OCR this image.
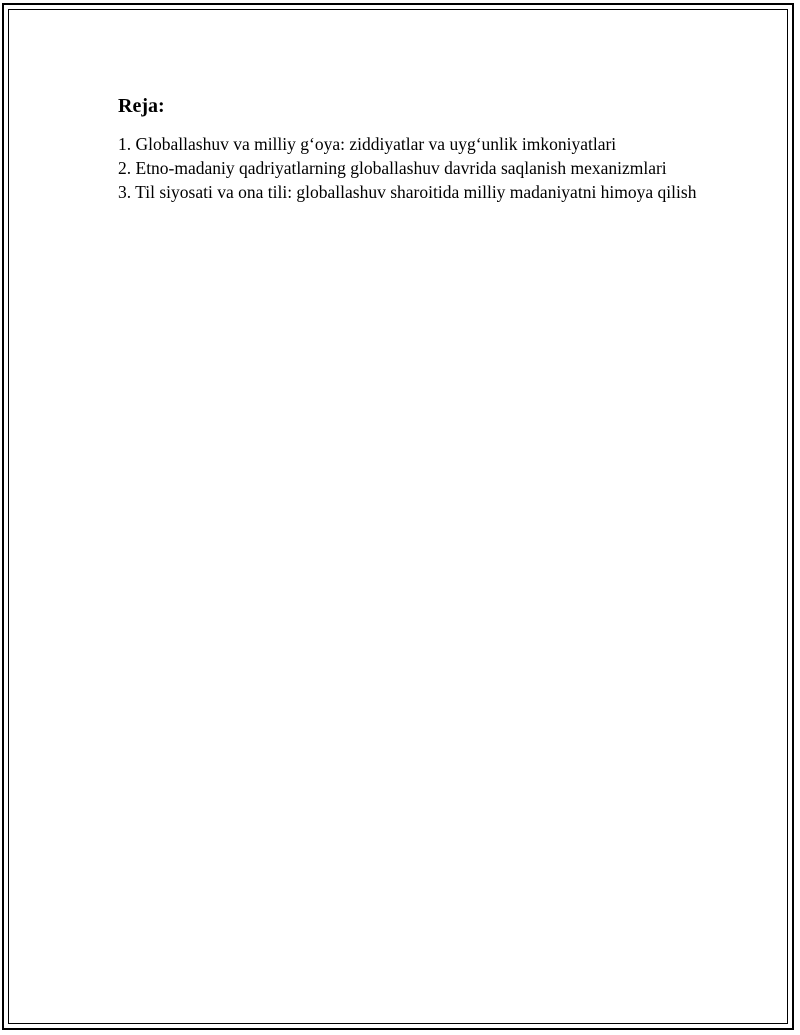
Reja:
1. Globallashuv va milliy g‘oya: ziddiyatlar va uyg‘unlik imkoniyatlari
2. Etno-madaniy qadriyatlarning globallashuv davrida saqlanish mexanizmlari
3. Til siyosati va ona tili: globallashuv sharoitida milliy madaniyatni himoya qilish
